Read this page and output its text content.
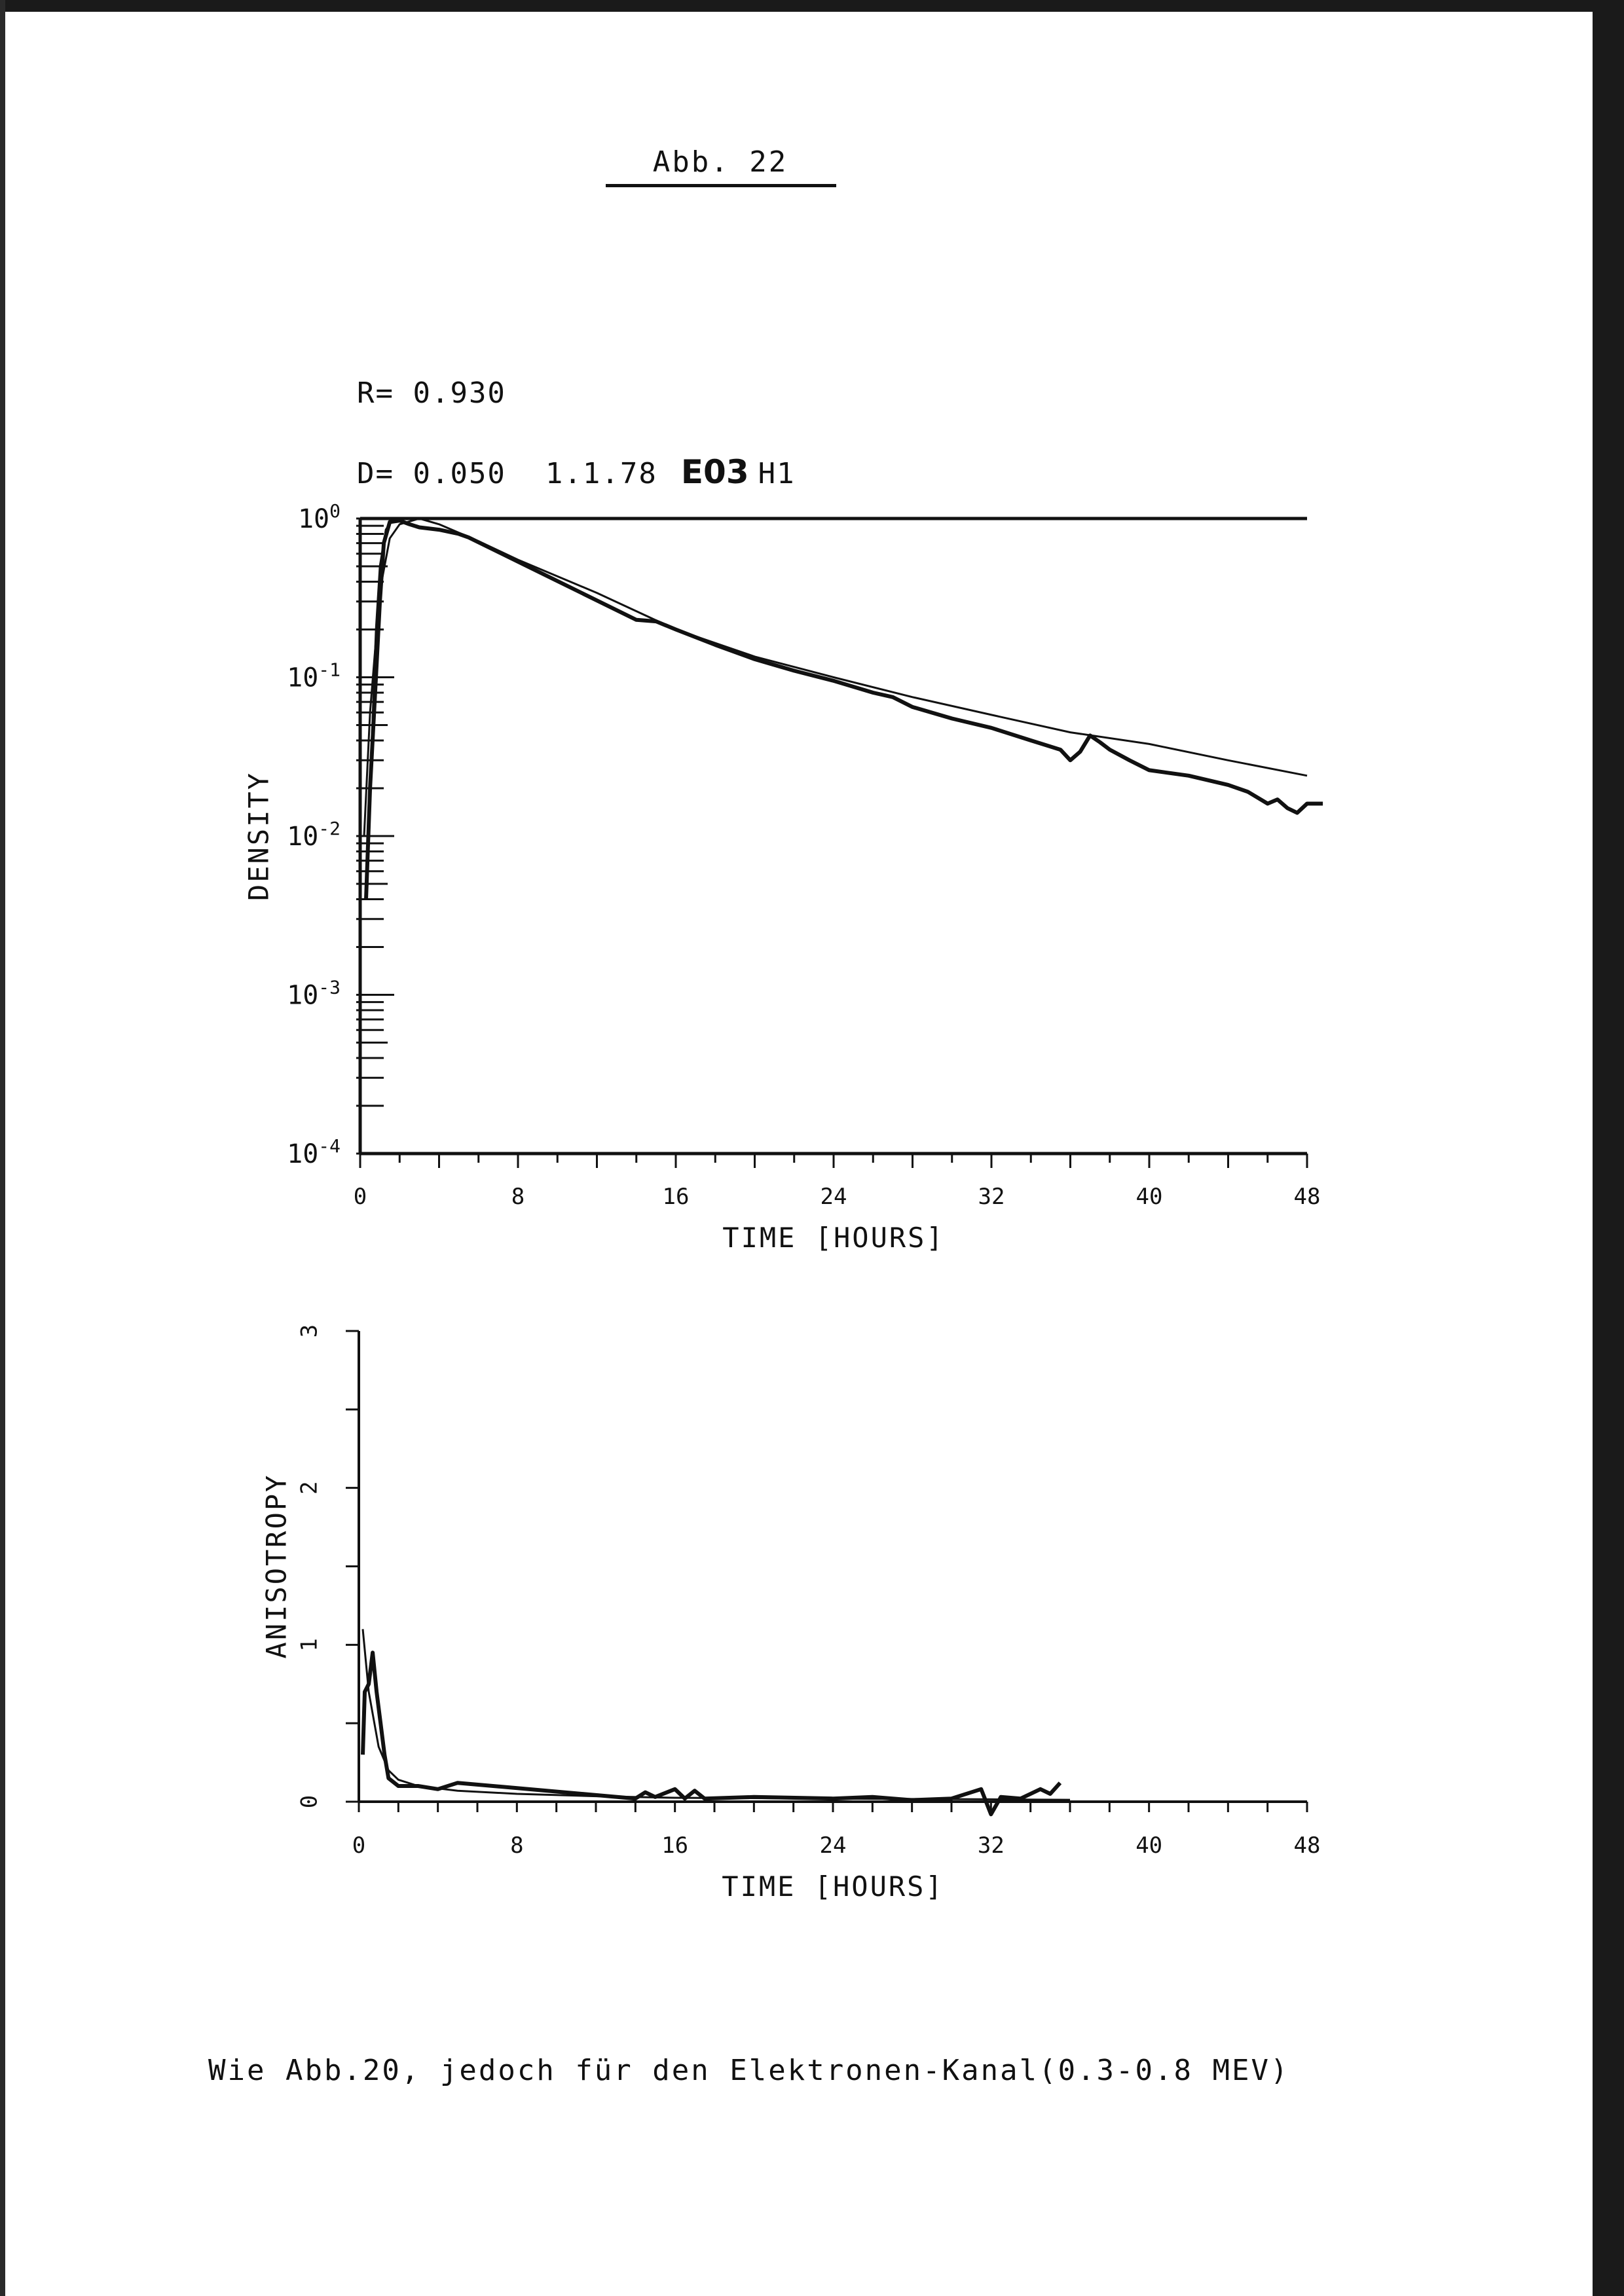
Abb. 22
R= 0.930
D= 0.050 1.1.78 E03 H1
0	8	16	24	32	40	48
TIME [HOURS]
$10^0$
$10^{-1}$
$10^{-2}$
$10^{-3}$
$10^{-4}$
DENSITY
0	8	16	24	32	40	48
TIME [HOURS]
0
1
2
3
ANISOTROPY
Wie Abb.20, jedoch für den Elektronen-Kanal(0.3-0.8 MEV)
